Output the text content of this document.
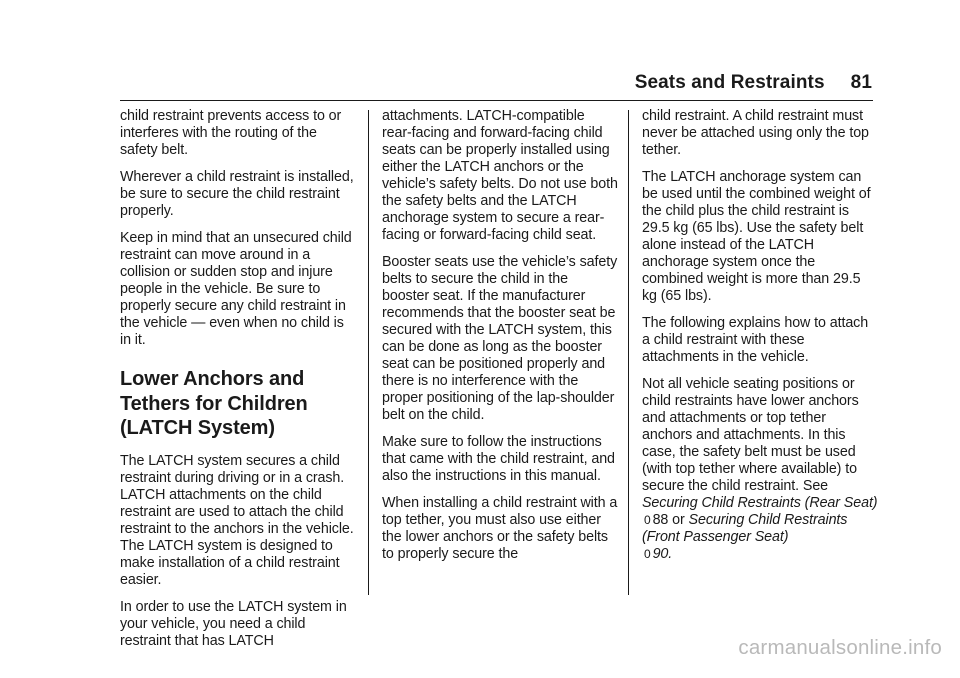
Seats and Restraints 81

child restraint prevents access to or interferes with the routing of the safety belt.

Wherever a child restraint is installed, be sure to secure the child restraint properly.

Keep in mind that an unsecured child restraint can move around in a collision or sudden stop and injure people in the vehicle. Be sure to properly secure any child restraint in the vehicle — even when no child is in it.

Lower Anchors and
Tethers for Children
(LATCH System)

The LATCH system secures a child restraint during driving or in a crash. LATCH attachments on the child restraint are used to attach the child restraint to the anchors in the vehicle. The LATCH system is designed to make installation of a child restraint easier.

In order to use the LATCH system in your vehicle, you need a child restraint that has LATCH

attachments. LATCH-compatible rear-facing and forward-facing child seats can be properly installed using either the LATCH anchors or the vehicle’s safety belts. Do not use both the safety belts and the LATCH anchorage system to secure a rear-facing or forward-facing child seat.

Booster seats use the vehicle’s safety belts to secure the child in the booster seat. If the manufacturer recommends that the booster seat be secured with the LATCH system, this can be done as long as the booster seat can be positioned properly and there is no interference with the proper positioning of the lap-shoulder belt on the child.

Make sure to follow the instructions that came with the child restraint, and also the instructions in this manual.

When installing a child restraint with a top tether, you must also use either the lower anchors or the safety belts to properly secure the

child restraint. A child restraint must never be attached using only the top tether.

The LATCH anchorage system can be used until the combined weight of the child plus the child restraint is 29.5 kg (65 lbs). Use the safety belt alone instead of the LATCH anchorage system once the combined weight is more than 29.5 kg (65 lbs).

The following explains how to attach a child restraint with these attachments in the vehicle.

Not all vehicle seating positions or child restraints have lower anchors and attachments or top tether anchors and attachments. In this case, the safety belt must be used (with top tether where available) to secure the child restraint. See Securing Child Restraints (Rear Seat) 0 88 or Securing Child Restraints (Front Passenger Seat)
0 90.

carmanualsonline.info
